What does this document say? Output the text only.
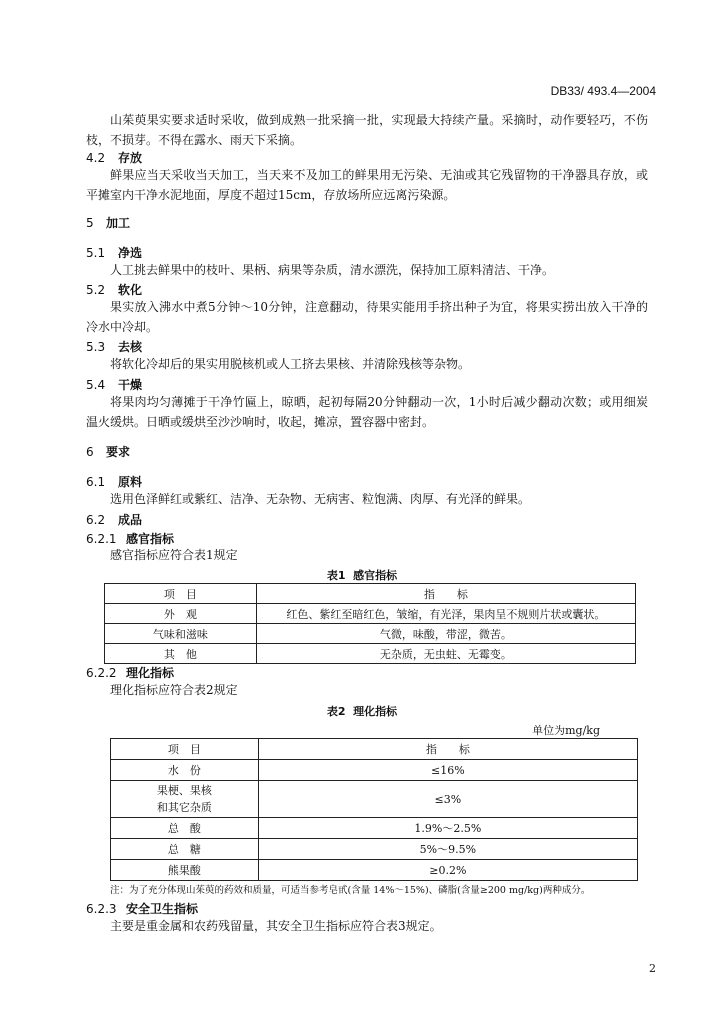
DB33/ 493.4—2004
山茱萸果实要求适时采收，做到成熟一批采摘一批，实现最大持续产量。采摘时，动作要轻巧，不伤枝，不损芽。不得在露水、雨天下采摘。
4.2 存放
鲜果应当天采收当天加工，当天来不及加工的鲜果用无污染、无油或其它残留物的干净器具存放，或平摊室内干净水泥地面，厚度不超过15cm，存放场所应远离污染源。
5 加工
5.1 净选
人工挑去鲜果中的枝叶、果柄、病果等杂质，清水漂洗，保持加工原料清洁、干净。
5.2 软化
果实放入沸水中煮5分钟～10分钟，注意翻动，待果实能用手挤出种子为宜，将果实捞出放入干净的冷水中冷却。
5.3 去核
将软化冷却后的果实用脱核机或人工挤去果核、并清除残核等杂物。
5.4 干燥
将果肉均匀薄摊于干净竹匾上，晾晒，起初每隔20分钟翻动一次，1小时后减少翻动次数；或用细炭温火缓烘。日晒或缓烘至沙沙响时，收起，摊凉，置容器中密封。
6 要求
6.1 原料
选用色泽鲜红或紫红、洁净、无杂物、无病害、粒饱满、肉厚、有光泽的鲜果。
6.2 成品
6.2.1 感官指标
感官指标应符合表1规定
表1 感官指标
项　目	指　　标
外　观	红色、紫红至暗红色，皱缩，有光泽，果肉呈不规则片状或囊状。
气味和滋味	气微，味酸，带涩，微苦。
其　他	无杂质，无虫蛀、无霉变。
6.2.2 理化指标
理化指标应符合表2规定
表2 理化指标
单位为mg/kg
项　目	指　　标
水　份	≤16%
果梗、果核
和其它杂质	≤3%
总　酸	1.9%～2.5%
总　糖	5%～9.5%
熊果酸	≥0.2%
注：为了充分体现山茱萸的药效和质量，可适当参考皂甙(含量 14%～15%)、磷脂(含量≥200 mg/kg)两种成分。
6.2.3 安全卫生指标
主要是重金属和农药残留量，其安全卫生指标应符合表3规定。
2
